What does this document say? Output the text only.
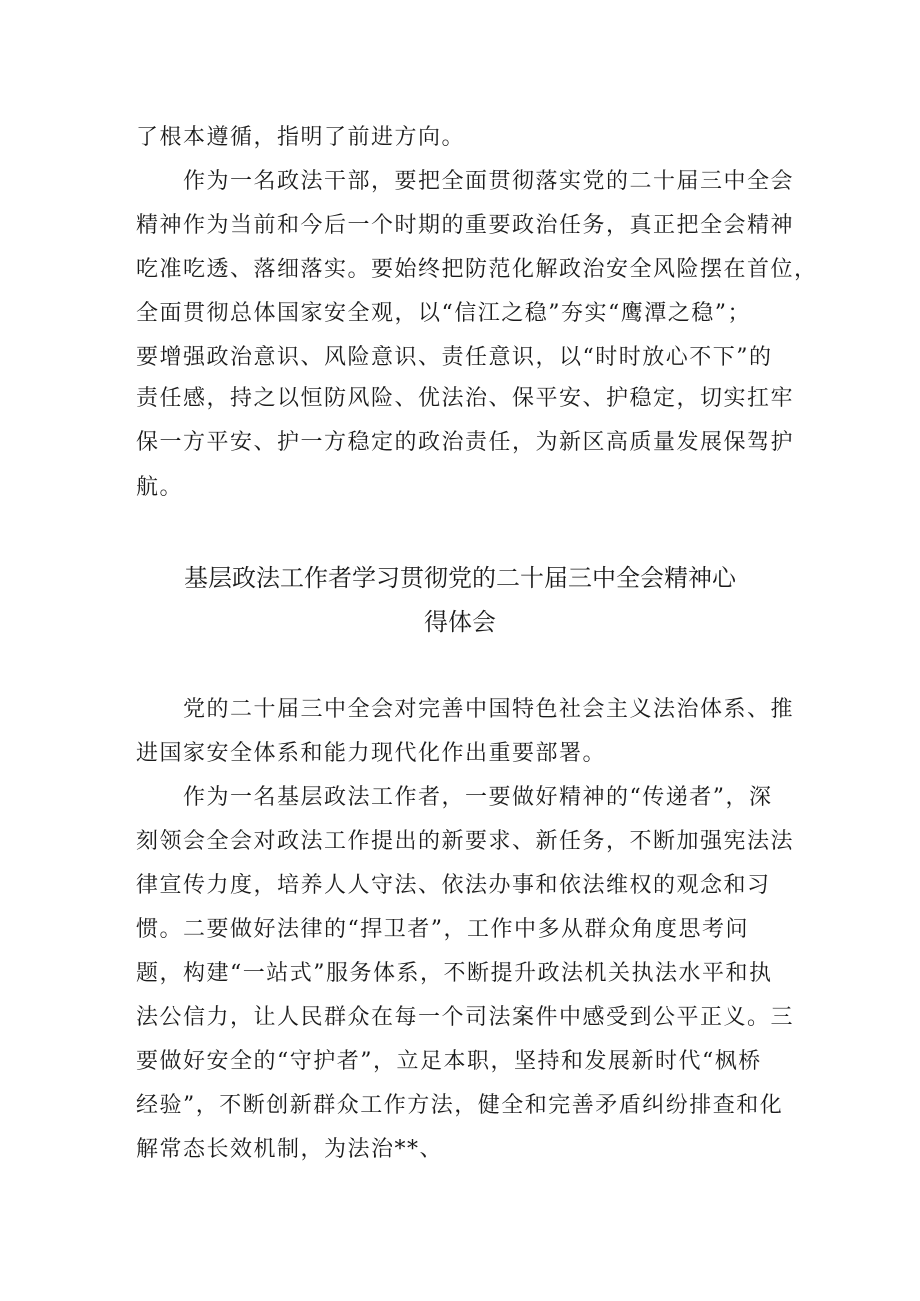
了根本遵循，指明了前进方向。
作为一名政法干部，要把全面贯彻落实党的二十届三中全会
精神作为当前和今后一个时期的重要政治任务，真正把全会精神
吃准吃透、落细落实。要始终把防范化解政治安全风险摆在首位，
全面贯彻总体国家安全观，以“信江之稳”夯实“鹰潭之稳”；
要增强政治意识、风险意识、责任意识，以“时时放心不下”的
责任感，持之以恒防风险、优法治、保平安、护稳定，切实扛牢
保一方平安、护一方稳定的政治责任，为新区高质量发展保驾护
航。
基层政法工作者学习贯彻党的二十届三中全会精神心
得体会
党的二十届三中全会对完善中国特色社会主义法治体系、推
进国家安全体系和能力现代化作出重要部署。
作为一名基层政法工作者，一要做好精神的“传递者”，深
刻领会全会对政法工作提出的新要求、新任务，不断加强宪法法
律宣传力度，培养人人守法、依法办事和依法维权的观念和习
惯。二要做好法律的“捍卫者”，工作中多从群众角度思考问
题，构建“一站式”服务体系，不断提升政法机关执法水平和执
法公信力，让人民群众在每一个司法案件中感受到公平正义。三
要做好安全的“守护者”，立足本职，坚持和发展新时代“枫桥
经验”，不断创新群众工作方法，健全和完善矛盾纠纷排查和化
解常态长效机制，为法治**、
